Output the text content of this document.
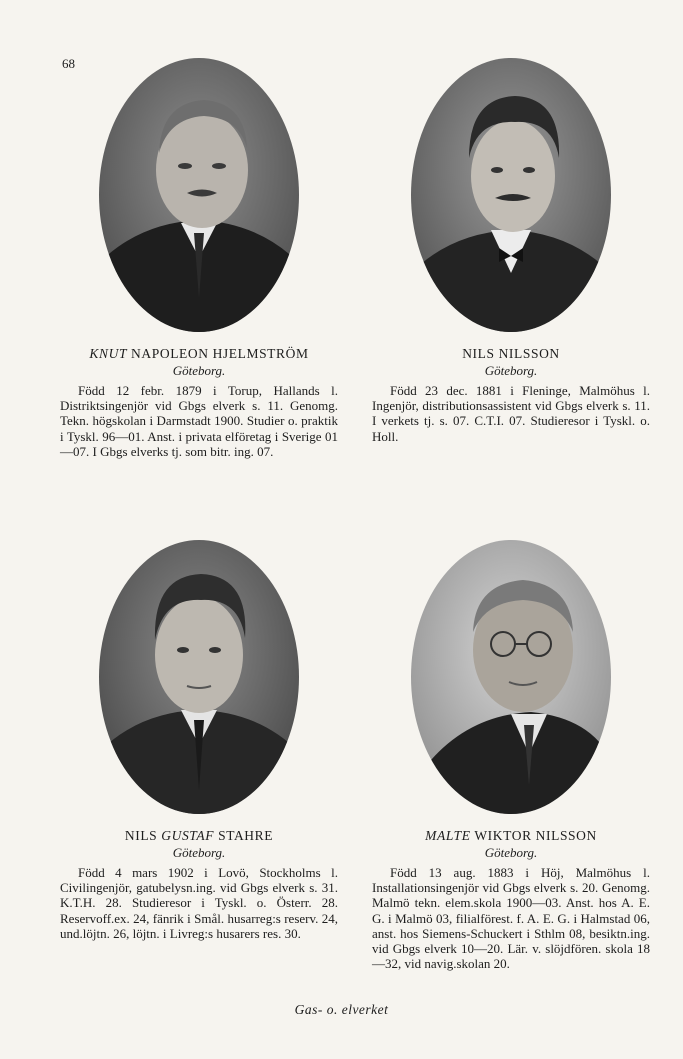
68
KNUT NAPOLEON HJELMSTRÖM
Göteborg.
Född 12 febr. 1879 i Torup, Hallands l. Distriktsingenjör vid Gbgs elverk s. 11. Genomg. Tekn. högskolan i Darmstadt 1900. Studier o. praktik i Tyskl. 96—01. Anst. i privata elföretag i Sverige 01—07. I Gbgs elverks tj. som bitr. ing. 07.
NILS NILSSON
Göteborg.
Född 23 dec. 1881 i Fleninge, Malmöhus l. Ingenjör, distributionsassistent vid Gbgs elverk s. 11. I verkets tj. s. 07. C.T.I. 07. Studieresor i Tyskl. o. Holl.
NILS GUSTAF STAHRE
Göteborg.
Född 4 mars 1902 i Lovö, Stockholms l. Civilingenjör, gatubelysn.ing. vid Gbgs elverk s. 31. K.T.H. 28. Studieresor i Tyskl. o. Österr. 28. Reservoff.ex. 24, fänrik i Smål. husarreg:s reserv. 24, und.löjtn. 26, löjtn. i Livreg:s husarers res. 30.
MALTE WIKTOR NILSSON
Göteborg.
Född 13 aug. 1883 i Höj, Malmöhus l. Installationsingenjör vid Gbgs elverk s. 20. Genomg. Malmö tekn. elem.skola 1900—03. Anst. hos A. E. G. i Malmö 03, filialförest. f. A. E. G. i Halmstad 06, anst. hos Siemens-Schuckert i Sthlm 08, besiktn.ing. vid Gbgs elverk 10—20. Lär. v. slöjdfören. skola 18—32, vid navig.skolan 20.
Gas- o. elverket
